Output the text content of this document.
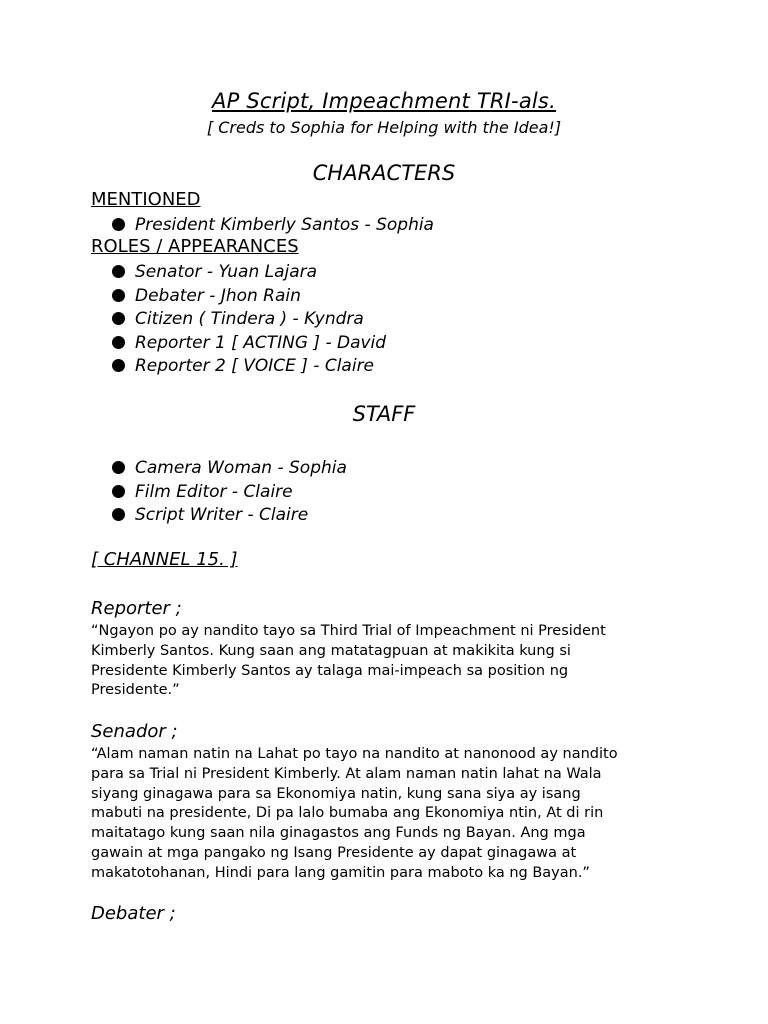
AP Script, Impeachment TRI-als.
[ Creds to Sophia for Helping with the Idea!]
CHARACTERS
MENTIONED
President Kimberly Santos - Sophia
ROLES / APPEARANCES
Senator - Yuan Lajara
Debater - Jhon Rain
Citizen ( Tindera ) - Kyndra
Reporter 1 [ ACTING ] - David
Reporter 2 [ VOICE ] - Claire
STAFF
Camera Woman - Sophia
Film Editor - Claire
Script Writer - Claire
[ CHANNEL 15. ]
Reporter ;
“Ngayon po ay nandito tayo sa Third Trial of Impeachment ni President
Kimberly Santos. Kung saan ang matatagpuan at makikita kung si
Presidente Kimberly Santos ay talaga mai-impeach sa position ng
Presidente.”
Senador ;
“Alam naman natin na Lahat po tayo na nandito at nanonood ay nandito
para sa Trial ni President Kimberly. At alam naman natin lahat na Wala
siyang ginagawa para sa Ekonomiya natin, kung sana siya ay isang
mabuti na presidente, Di pa lalo bumaba ang Ekonomiya ntin, At di rin
maitatago kung saan nila ginagastos ang Funds ng Bayan. Ang mga
gawain at mga pangako ng Isang Presidente ay dapat ginagawa at
makatotohanan, Hindi para lang gamitin para maboto ka ng Bayan.”
Debater ;
